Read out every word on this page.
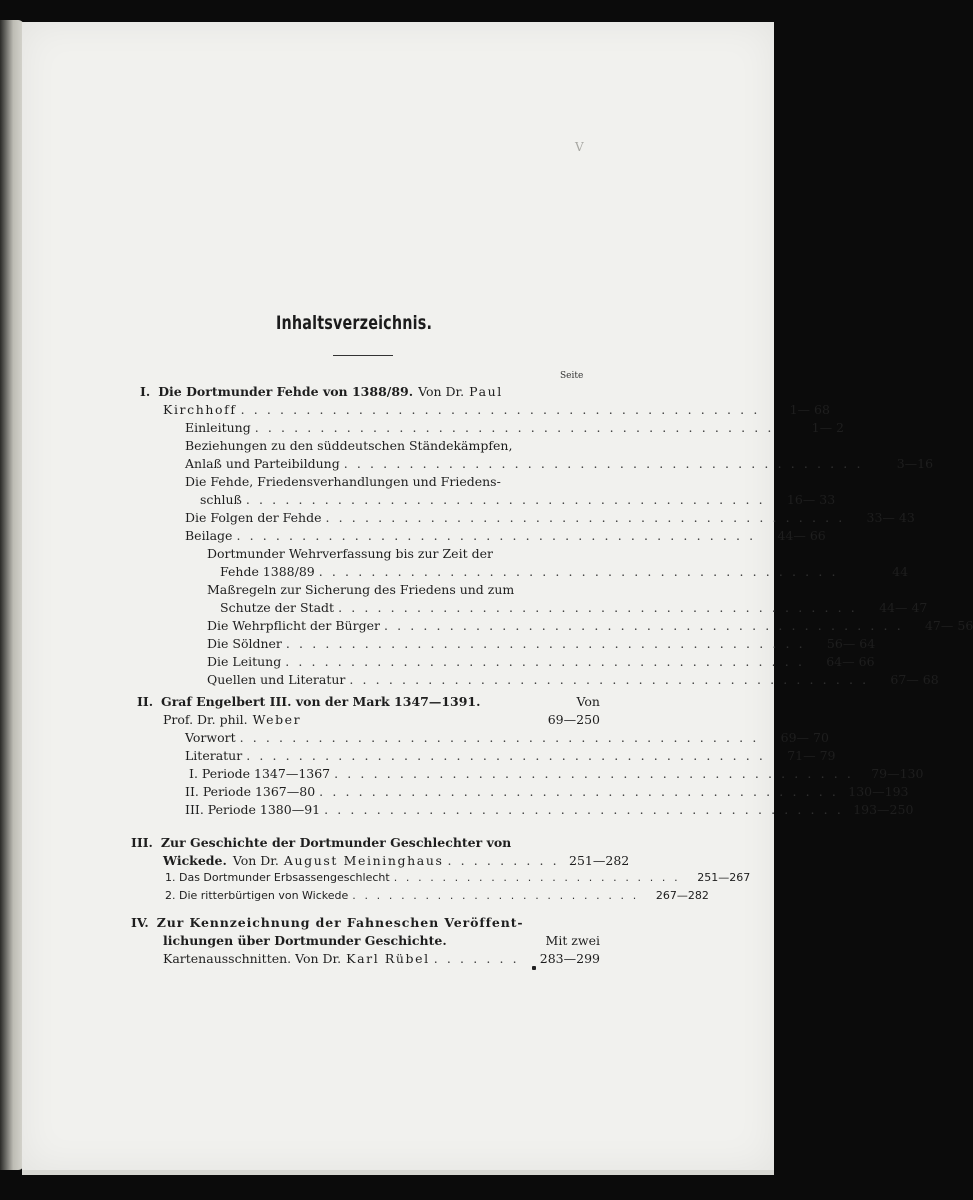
V
Inhaltsverzeichnis.
Seite
I. Die Dortmunder Fehde von 1388/89. Von Dr. Paul
Kirchhoff . . . . . . . . . . . . . . . . . . . . . . . . . . . . . . . . . . . . . . . .	1— 68
Einleitung . . . . . . . . . . . . . . . . . . . . . . . . . . . . . . . . . . . . . . . .	1— 2
Beziehungen zu den süddeutschen Ständekämpfen,
Anlaß und Parteibildung . . . . . . . . . . . . . . . . . . . . . . . . . . . . . . . . . . . . . . . .	3—16
Die Fehde, Friedensverhandlungen und Friedens-
schluß . . . . . . . . . . . . . . . . . . . . . . . . . . . . . . . . . . . . . . . .	16— 33
Die Folgen der Fehde . . . . . . . . . . . . . . . . . . . . . . . . . . . . . . . . . . . . . . . .	33— 43
Beilage . . . . . . . . . . . . . . . . . . . . . . . . . . . . . . . . . . . . . . . .	44— 66
Dortmunder Wehrverfassung bis zur Zeit der
Fehde 1388/89 . . . . . . . . . . . . . . . . . . . . . . . . . . . . . . . . . . . . . . . .	44
Maßregeln zur Sicherung des Friedens und zum
Schutze der Stadt . . . . . . . . . . . . . . . . . . . . . . . . . . . . . . . . . . . . . . . .	44— 47
Die Wehrpflicht der Bürger . . . . . . . . . . . . . . . . . . . . . . . . . . . . . . . . . . . . . . . .	47— 56
Die Söldner . . . . . . . . . . . . . . . . . . . . . . . . . . . . . . . . . . . . . . . .	56— 64
Die Leitung . . . . . . . . . . . . . . . . . . . . . . . . . . . . . . . . . . . . . . . .	64— 66
Quellen und Literatur . . . . . . . . . . . . . . . . . . . . . . . . . . . . . . . . . . . . . . . .	67— 68
II. Graf Engelbert III. von der Mark 1347—1391.	Von
Prof. Dr. phil. Weber	69—250
Vorwort . . . . . . . . . . . . . . . . . . . . . . . . . . . . . . . . . . . . . . . .	69— 70
Literatur . . . . . . . . . . . . . . . . . . . . . . . . . . . . . . . . . . . . . . . .	71— 79
I. Periode 1347—1367 . . . . . . . . . . . . . . . . . . . . . . . . . . . . . . . . . . . . . . . .	79—130
II. Periode 1367—80 . . . . . . . . . . . . . . . . . . . . . . . . . . . . . . . . . . . . . . . . 130—193
III. Periode 1380—91 . . . . . . . . . . . . . . . . . . . . . . . . . . . . . . . . . . . . . . . . 193—250
III. Zur Geschichte der Dortmunder Geschlechter von
Wickede. Von Dr. August Meininghaus . . . . . . . . . 251—282
1. Das Dortmunder Erbsassengeschlecht . . . . . . . . . . . . . . . . . . . . . . . .	251—267
2. Die ritterbürtigen von Wickede . . . . . . . . . . . . . . . . . . . . . . . .	267—282
IV. Zur Kennzeichnung der Fahneschen Veröffent-
lichungen über Dortmunder Geschichte.	Mit zwei
Kartenausschnitten. Von Dr. Karl Rübel . . . . . . .	283—299
